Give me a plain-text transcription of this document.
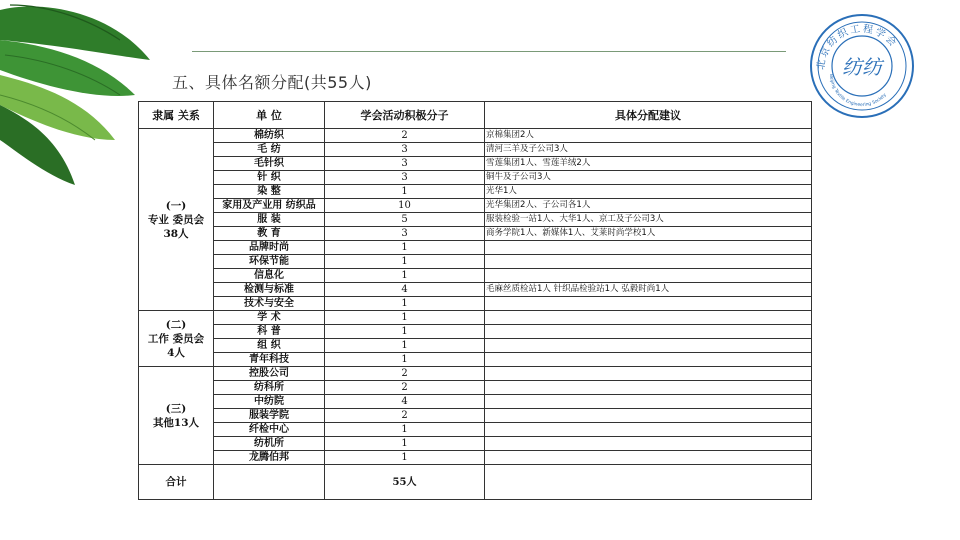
五、具体名额分配(共55人)
北京纺织工程学会
Beijing Textile Engineering Society
纺纺
隶属 关系	单 位	学会活动积极分子	具体分配建议

(一)
专业 委员会
38人	棉纺织	2	京棉集团2人
	毛 纺	3	清河三羊及子公司3人
	毛针织	3	雪莲集团1人、雪莲羊绒2人
	针 织	3	铜牛及子公司3人
	染 整	1	光华1人
	家用及产业用 纺织品	10	光华集团2人、子公司各1人
	服 装	5	服装检验一站1人、大华1人、京工及子公司3人
	教 育	3	商务学院1人、新媒体1人、艾莱时尚学校1人
	品牌时尚	1	
	环保节能	1	
	信息化	1	
	检测与标准	4	毛麻丝质检站1人 针织品检验站1人 弘毅时尚1人
	技术与安全	1	

(二)
工作 委员会
4人	学 术	1	
	科 普	1	
	组 织	1	
	青年科技	1	

(三)
其他13人	控股公司	2	
	纺科所	2	
	中纺院	4	
	服装学院	2	
	纤检中心	1	
	纺机所	1	
	龙腾伯邦	1	
合计		55人	
